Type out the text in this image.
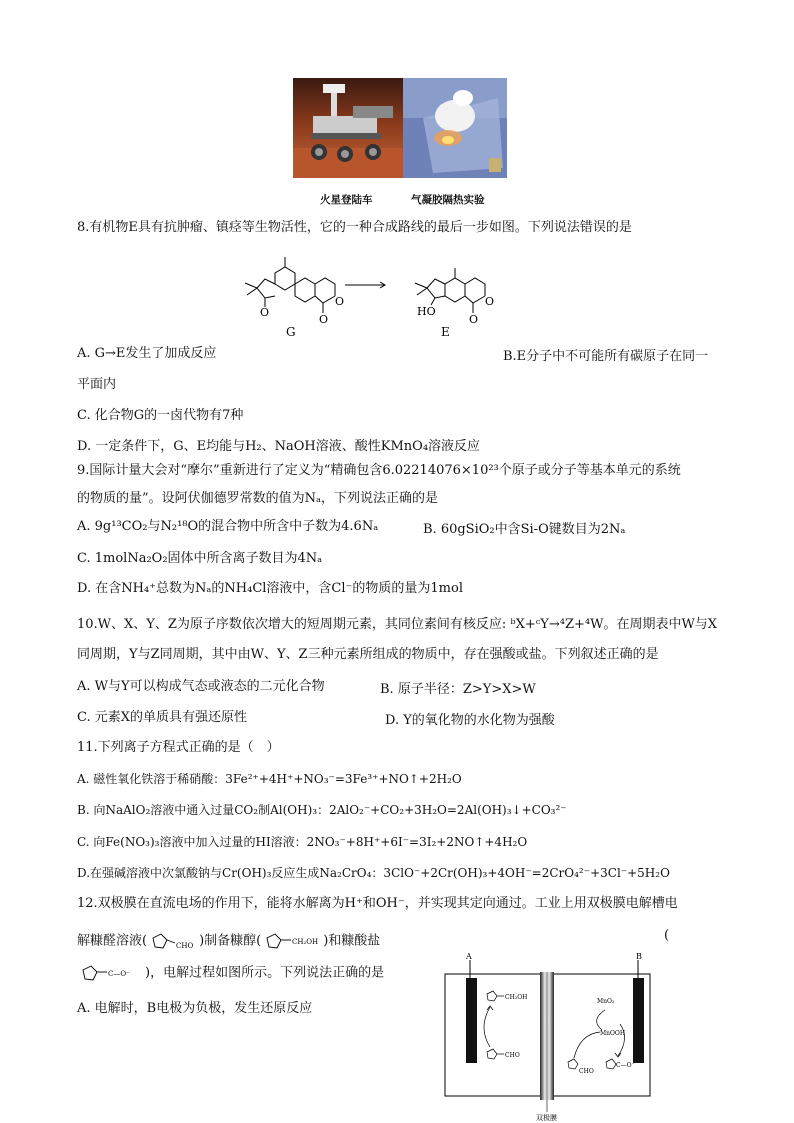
火星登陆车	气凝胶隔热实验
8.有机物E具有抗肿瘤、镇痉等生物活性，它的一种合成路线的最后一步如图。下列说法错误的是
O
O
O
HO
O
O
G	E
A. G→E发生了加成反应	B.E分子中不可能所有碳原子在同一
平面内
C. 化合物G的一卤代物有7种
D. 一定条件下，G、E均能与H₂、NaOH溶液、酸性KMnO₄溶液反应
9.国际计量大会对“摩尔”重新进行了定义为“精确包含6.02214076×10²³个原子或分子等基本单元的系统
的物质的量”。设阿伏伽德罗常数的值为Nₐ，下列说法正确的是
A. 9g¹³CO₂与N₂¹⁸O的混合物中所含中子数为4.6Nₐ	B. 60gSiO₂中含Si-O键数目为2Nₐ
C. 1molNa₂O₂固体中所含离子数目为4Nₐ
D. 在含NH₄⁺总数为Nₐ的NH₄Cl溶液中，含Cl⁻的物质的量为1mol
10.W、X、Y、Z为原子序数依次增大的短周期元素，其同位素间有核反应: ᵇX+ᶜY→⁴Z+⁴W。在周期表中W与X
同周期，Y与Z同周期，其中由W、Y、Z三种元素所组成的物质中，存在强酸或盐。下列叙述正确的是
A. W与Y可以构成气态或液态的二元化合物	B. 原子半径：Z>Y>X>W
C. 元素X的单质具有强还原性	D. Y的氧化物的水化物为强酸
11.下列离子方程式正确的是（　）
A. 磁性氧化铁溶于稀硝酸：3Fe²⁺+4H⁺+NO₃⁻=3Fe³⁺+NO↑+2H₂O
B. 向NaAlO₂溶液中通入过量CO₂制Al(OH)₃：2AlO₂⁻+CO₂+3H₂O=2Al(OH)₃↓+CO₃²⁻
C. 向Fe(NO₃)₃溶液中加入过量的HI溶液：2NO₃⁻+8H⁺+6I⁻=3I₂+2NO↑+4H₂O
D.在强碱溶液中次氯酸钠与Cr(OH)₃反应生成Na₂CrO₄：3ClO⁻+2Cr(OH)₃+4OH⁻=2CrO₄²⁻+3Cl⁻+5H₂O
12.双极膜在直流电场的作用下，能将水解离为H⁺和OH⁻，并实现其定向通过。工业上用双极膜电解槽电
解糠醛溶液(	CHO )制备糠醇(	CH₂OH )和糠酸盐	(
C—O⁻ )，电解过程如图所示。下列说法正确的是
A. 电解时，B电极为负极，发生还原反应
A	B
双极膜
CH₂OH
CHO
MnO₂
MnOOH
CHO
C—O⁻
